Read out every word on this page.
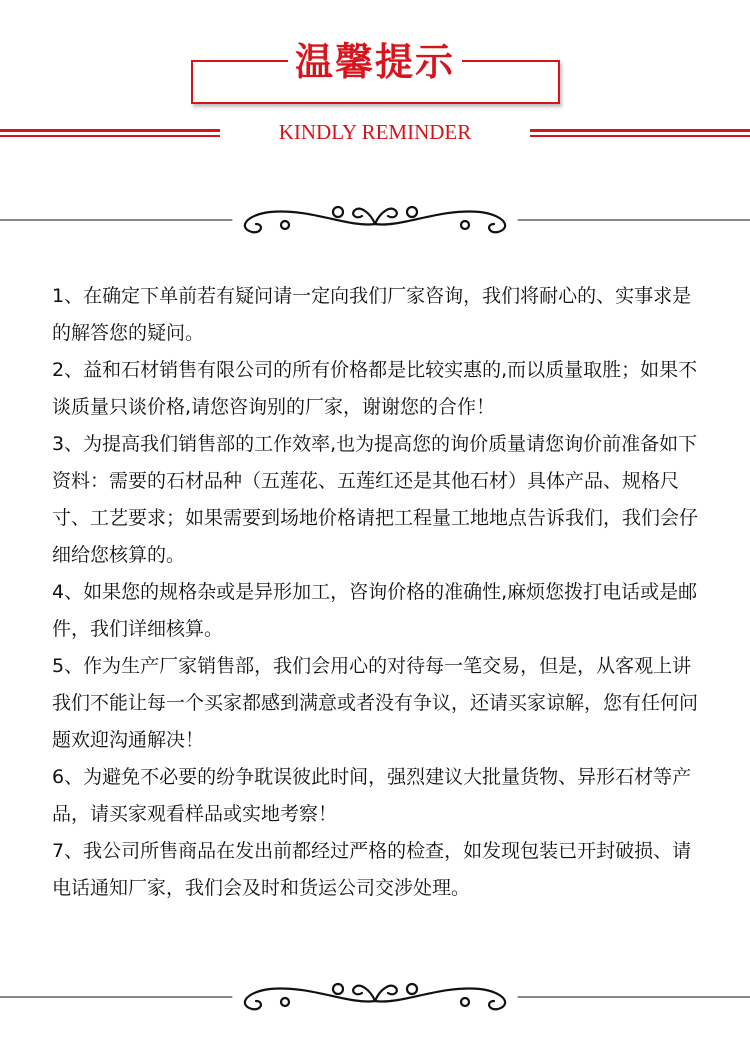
温馨提示
KINDLY REMINDER

1、在确定下单前若有疑问请一定向我们厂家咨询，我们将耐心的、实事求是的解答您的疑问。

2、益和石材销售有限公司的所有价格都是比较实惠的,而以质量取胜；如果不谈质量只谈价格,请您咨询别的厂家，谢谢您的合作！

3、为提高我们销售部的工作效率,也为提高您的询价质量请您询价前准备如下资料：需要的石材品种（五莲花、五莲红还是其他石材）具体产品、规格尺寸、工艺要求；如果需要到场地价格请把工程量工地地点告诉我们，我们会仔细给您核算的。

4、如果您的规格杂或是异形加工，咨询价格的准确性,麻烦您拨打电话或是邮件，我们详细核算。

5、作为生产厂家销售部，我们会用心的对待每一笔交易，但是，从客观上讲我们不能让每一个买家都感到满意或者没有争议，还请买家谅解，您有任何问题欢迎沟通解决！

6、为避免不必要的纷争耽误彼此时间，强烈建议大批量货物、异形石材等产品，请买家观看样品或实地考察！

7、我公司所售商品在发出前都经过严格的检查，如发现包装已开封破损、请电话通知厂家，我们会及时和货运公司交涉处理。
